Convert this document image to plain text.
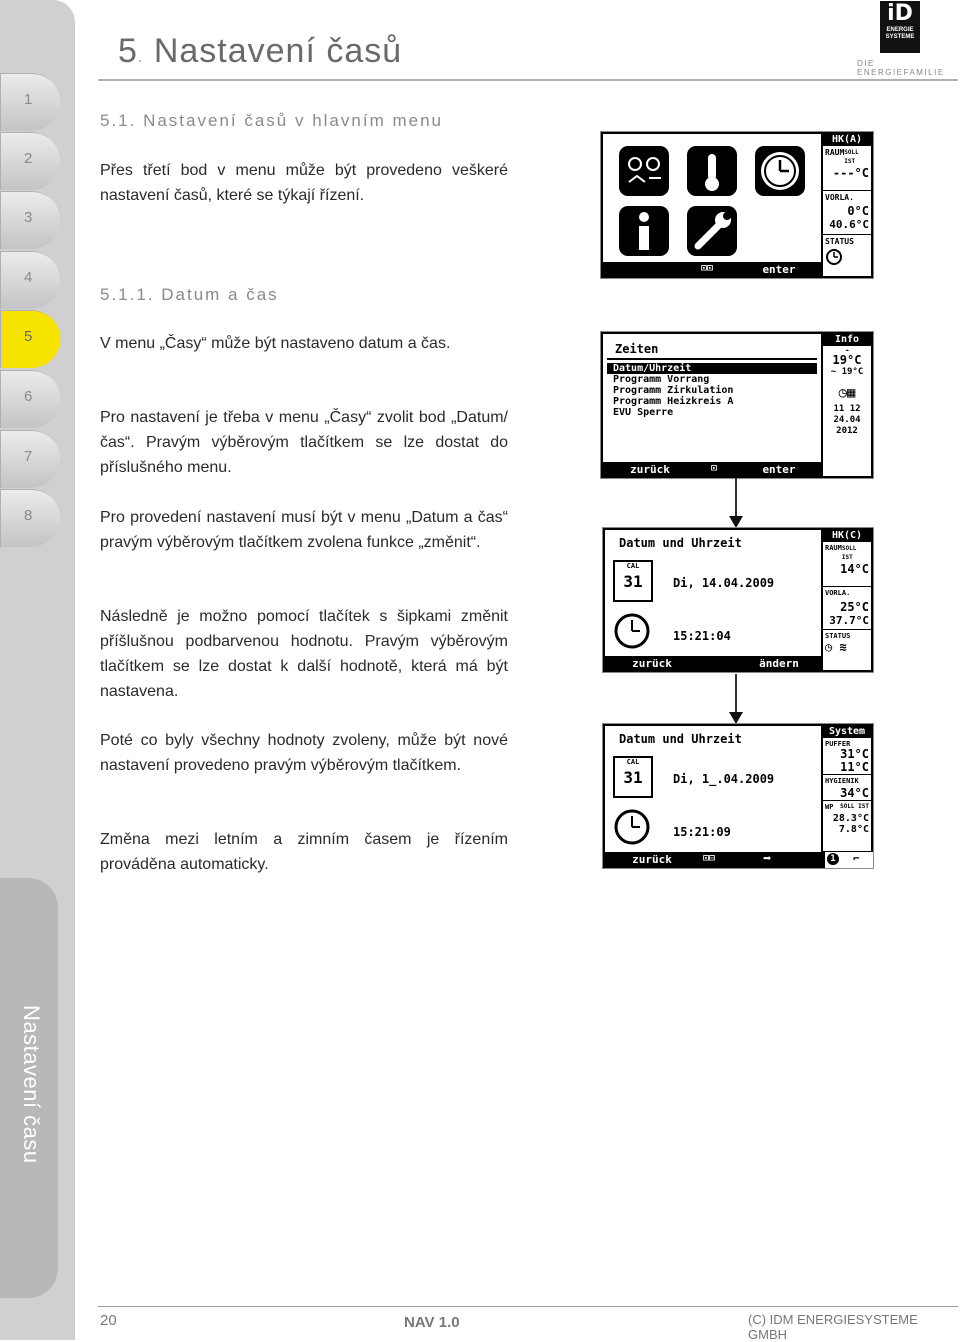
1
2
3
4
5
6
7
8
Nastavení času
5. Nastavení časů
iD
ENERGIE
SYSTEME
DIE ENERGIEFAMILIE
5.1. Nastavení časů v hlavním menu
Přes třetí bod v menu může být provedeno veškeré nastavení časů, které se týkají řízení.
5.1.1. Datum a čas
V menu „Časy“ může být nastaveno datum a čas.
Pro nastavení je třeba v menu „Časy“ zvolit bod „Datum/čas“. Pravým výběrovým tlačítkem se lze dostat do příslušného menu.
Pro provedení nastavení musí být v menu „Datum a čas“ pravým výběrovým tlačítkem zvolena funkce „změnit“.
Následně je možno pomocí tlačítek s šipkami změnit příšlušnou podbarvenou hodnotu. Pravým výběrovým tlačítkem se lze dostat k další hodnotě, která má být nastavena.
Poté co byly všechny hodnoty zvoleny, může být nové nastavení provedeno pravým výběrovým tlačítkem.
Změna mezi letním a zimním časem je řízením prováděna automaticky.
HK(A)
RAUM SOLL IST
---°C
VORLA.
0°C
40.6°C
STATUS
⊡⊡	enter
Zeiten
Datum/Uhrzeit
Programm Vorrang
Programm Zirkulation
Programm Heizkreis A
EVU Sperre
Info
☁
19°C
~ 19°C
◷▦
11 12
24.04
2012
zurück	⊡	enter
Datum und Uhrzeit
CAL
31	Di, 14.04.2009
15:21:04
HK(C)
RAUM SOLL IST
14°C
VORLA.
25°C
37.7°C
STATUS
◷ ≋
zurück	ändern
Datum und Uhrzeit
CAL
31	Di, 1_.04.2009
15:21:09
System
PUFFER
31°C
11°C
HYGIENIK
34°C
WP SOLL IST
28.3°C
7.8°C
zurück	⊡⊟	➡	1 ⌐
20	NAV 1.0	(C) IDM ENERGIESYSTEME GMBH
